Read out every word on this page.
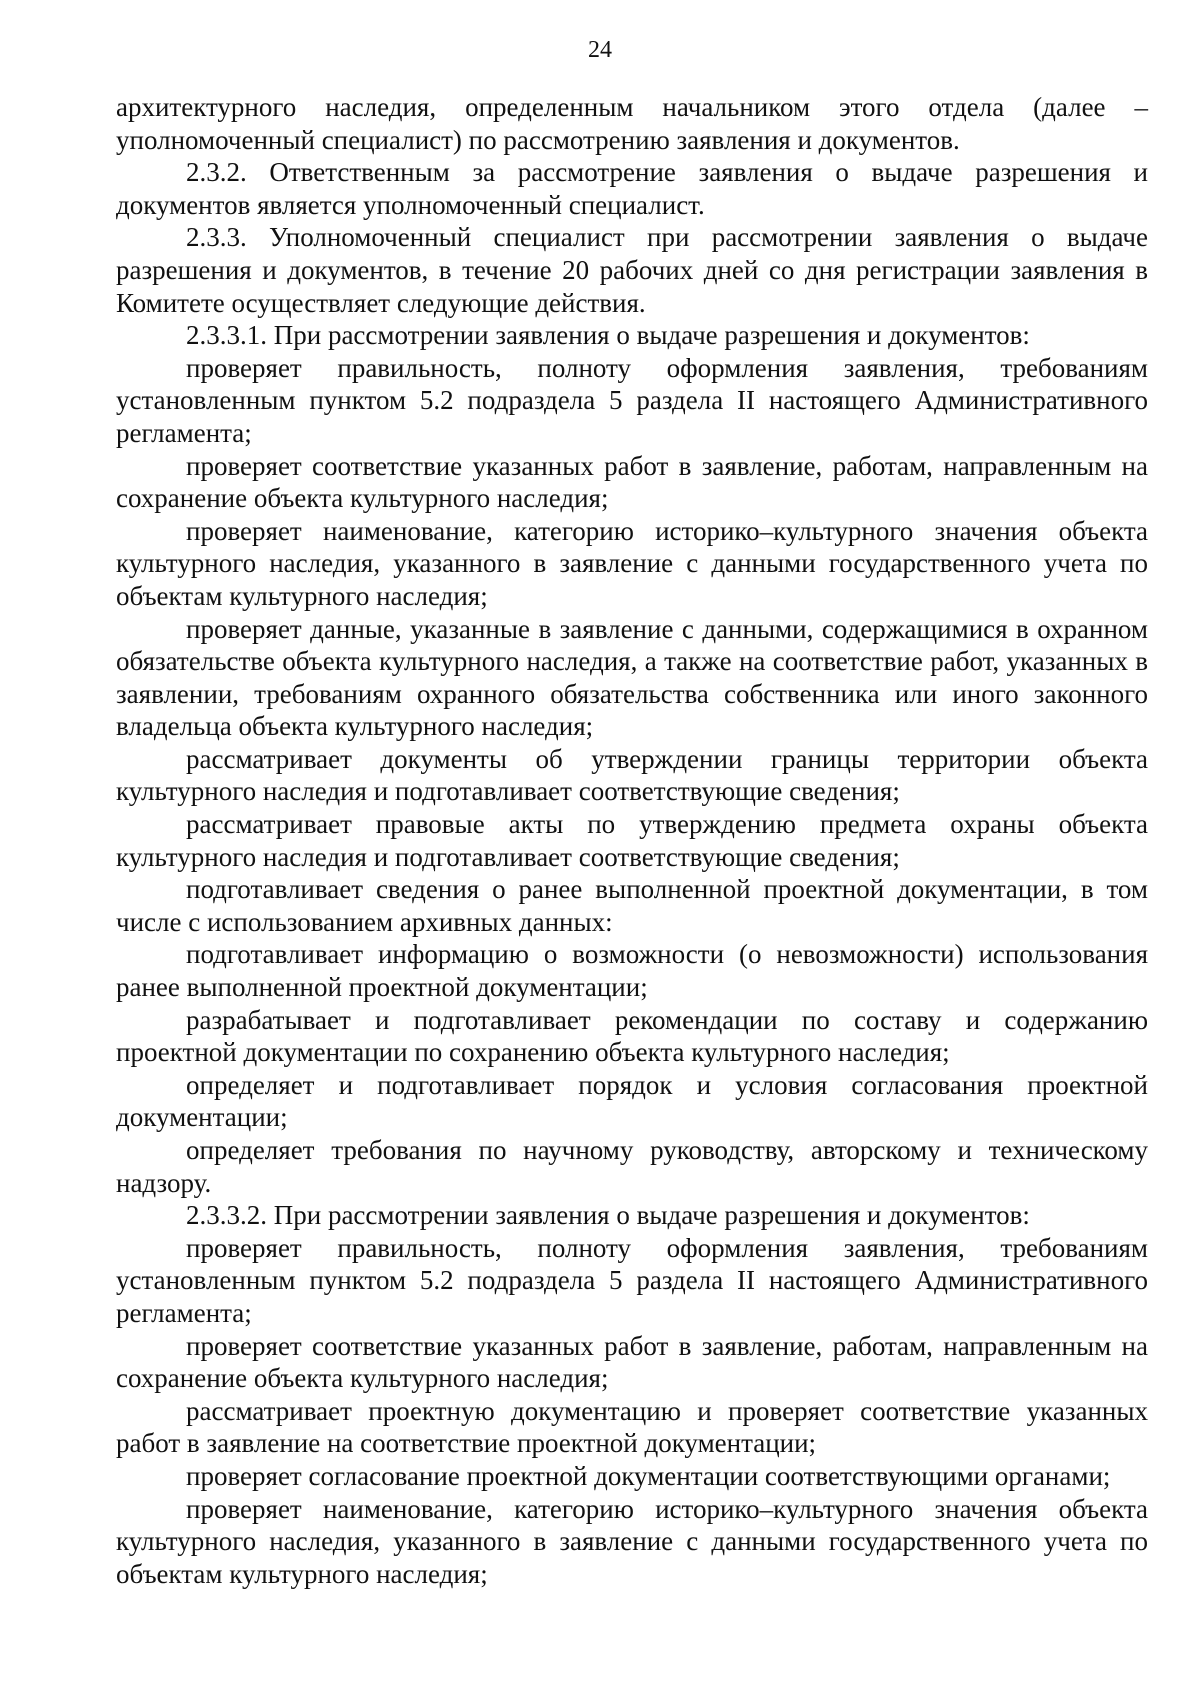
24

архитектурного наследия, определенным начальником этого отдела (далее – уполномоченный специалист) по рассмотрению заявления и документов.

2.3.2. Ответственным за рассмотрение заявления о выдаче разрешения и документов является уполномоченный специалист.

2.3.3. Уполномоченный специалист при рассмотрении заявления о выдаче разрешения и документов, в течение 20 рабочих дней со дня регистрации заявления в Комитете осуществляет следующие действия.

2.3.3.1. При рассмотрении заявления о выдаче разрешения и документов:

проверяет правильность, полноту оформления заявления, требованиям установленным пунктом 5.2 подраздела 5 раздела II настоящего Административного регламента;

проверяет соответствие указанных работ в заявление, работам, направленным на сохранение объекта культурного наследия;

проверяет наименование, категорию историко–культурного значения объекта культурного наследия, указанного в заявление с данными государственного учета по объектам культурного наследия;

проверяет данные, указанные в заявление с данными, содержащимися в охранном обязательстве объекта культурного наследия, а также на соответствие работ, указанных в заявлении, требованиям охранного обязательства собственника или иного законного владельца объекта культурного наследия;

рассматривает документы об утверждении границы территории объекта культурного наследия и подготавливает соответствующие сведения;

рассматривает правовые акты по утверждению предмета охраны объекта культурного наследия и подготавливает соответствующие сведения;

подготавливает сведения о ранее выполненной проектной документации, в том числе с использованием архивных данных:

подготавливает информацию о возможности (о невозможности) использования ранее выполненной проектной документации;

разрабатывает и подготавливает рекомендации по составу и содержанию проектной документации по сохранению объекта культурного наследия;

определяет и подготавливает порядок и условия согласования проектной документации;

определяет требования по научному руководству, авторскому и техническому надзору.

2.3.3.2. При рассмотрении заявления о выдаче разрешения и документов:

проверяет правильность, полноту оформления заявления, требованиям установленным пунктом 5.2 подраздела 5 раздела II настоящего Административного регламента;

проверяет соответствие указанных работ в заявление, работам, направленным на сохранение объекта культурного наследия;

рассматривает проектную документацию и проверяет соответствие указанных работ в заявление на соответствие проектной документации;

проверяет согласование проектной документации соответствующими органами;

проверяет наименование, категорию историко–культурного значения объекта культурного наследия, указанного в заявление с данными государственного учета по объектам культурного наследия;
